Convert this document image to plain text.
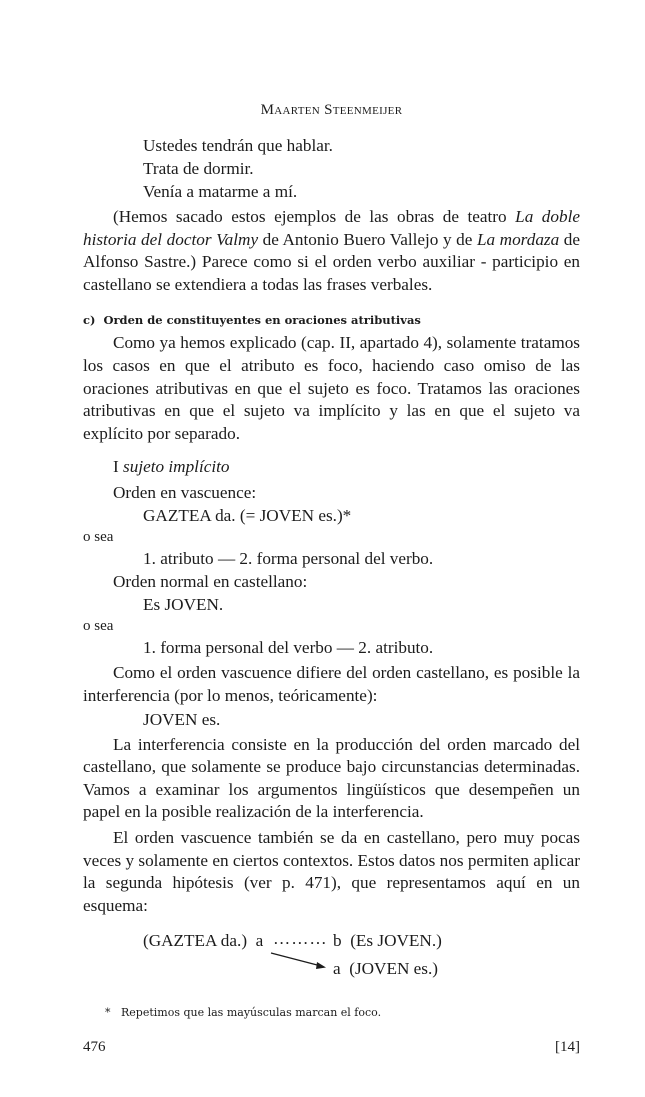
Maarten Steenmeijer
Ustedes tendrán que hablar.
Trata de dormir.
Venía a matarme a mí.

(Hemos sacado estos ejemplos de las obras de teatro La doble historia del doctor Valmy de Antonio Buero Vallejo y de La mordaza de Alfonso Sastre.) Parece como si el orden verbo auxiliar - participio en castellano se extendiera a todas las frases verbales.

c)  Orden de constituyentes en oraciones atributivas

Como ya hemos explicado (cap. II, apartado 4), solamente tratamos los casos en que el atributo es foco, haciendo caso omiso de las oraciones atributivas en que el sujeto es foco. Tratamos las oraciones atributivas en que el sujeto va implícito y las en que el sujeto va explícito por separado.

I sujeto implícito
Orden en vascuence:
GAZTEA da. (= JOVEN es.)*
o sea
1. atributo — 2. forma personal del verbo.
Orden normal en castellano:
Es JOVEN.
o sea
1. forma personal del verbo — 2. atributo.

Como el orden vascuence difiere del orden castellano, es posible la interferencia (por lo menos, teóricamente):

JOVEN es.

La interferencia consiste en la producción del orden marcado del castellano, que solamente se produce bajo circunstancias determinadas. Vamos a examinar los argumentos lingüísticos que desempeñen un papel en la posible realización de la interferencia.

El orden vascuence también se da en castellano, pero muy pocas veces y solamente en ciertos contextos. Estos datos nos permiten aplicar la segunda hipótesis (ver p. 471), que representamos aquí en un esquema:

(GAZTEA da.)  a ……… b  (Es JOVEN.)
a  (JOVEN es.)
* Repetimos que las mayúsculas marcan el foco.
476	[14]
